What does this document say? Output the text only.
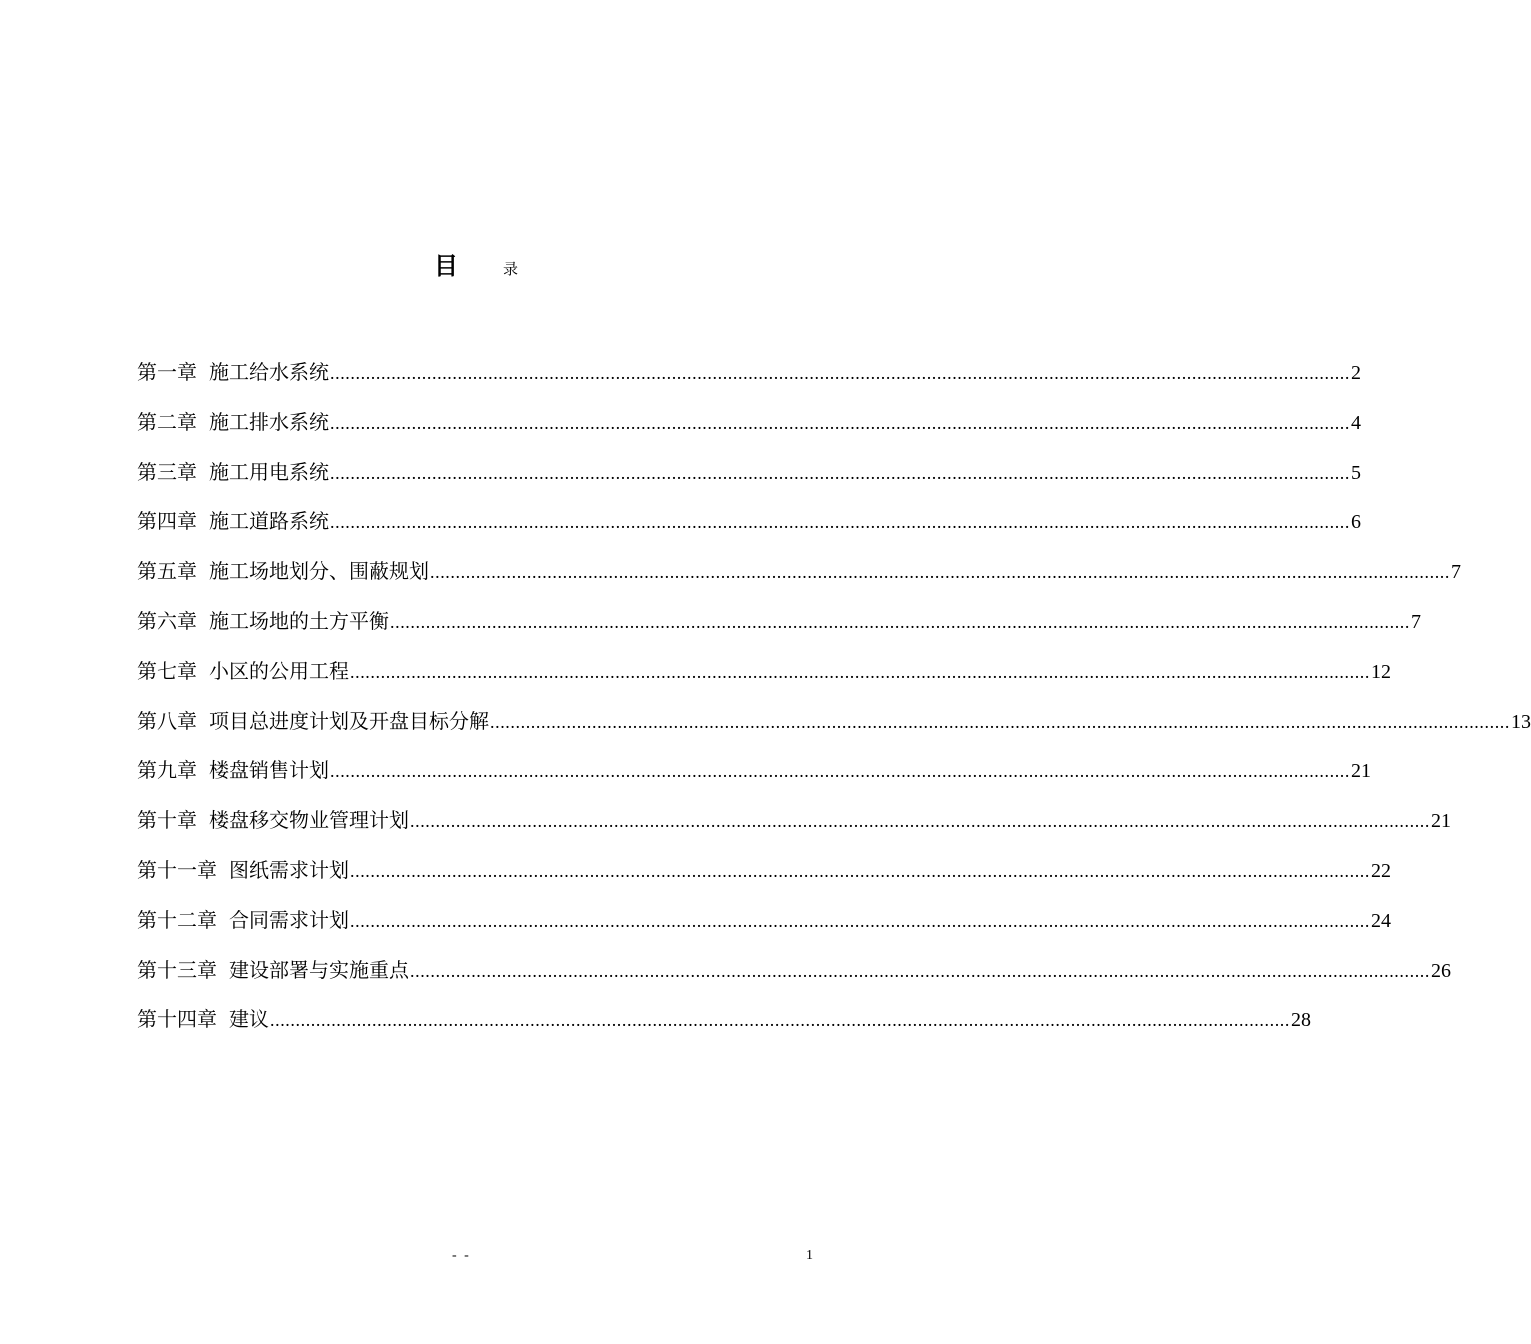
目	录
第一章 施工给水系统 ........................................................................................................................................................................................................ 2
第二章 施工排水系统 ........................................................................................................................................................................................................ 4
第三章 施工用电系统 ........................................................................................................................................................................................................ 5
第四章 施工道路系统 ........................................................................................................................................................................................................ 6
第五章 施工场地划分、围蔽规划 ........................................................................................................................................................................................................ 7
第六章 施工场地的土方平衡 ........................................................................................................................................................................................................ 7
第七章 小区的公用工程 ........................................................................................................................................................................................................ 12
第八章 项目总进度计划及开盘目标分解 ........................................................................................................................................................................................................ 13
第九章 楼盘销售计划 ........................................................................................................................................................................................................ 21
第十章 楼盘移交物业管理计划 ........................................................................................................................................................................................................ 21
第十一章 图纸需求计划 ........................................................................................................................................................................................................ 22
第十二章 合同需求计划 ........................................................................................................................................................................................................ 24
第十三章 建设部署与实施重点 ........................................................................................................................................................................................................ 26
第十四章 建议 ........................................................................................................................................................................................................ 28
- -	1
